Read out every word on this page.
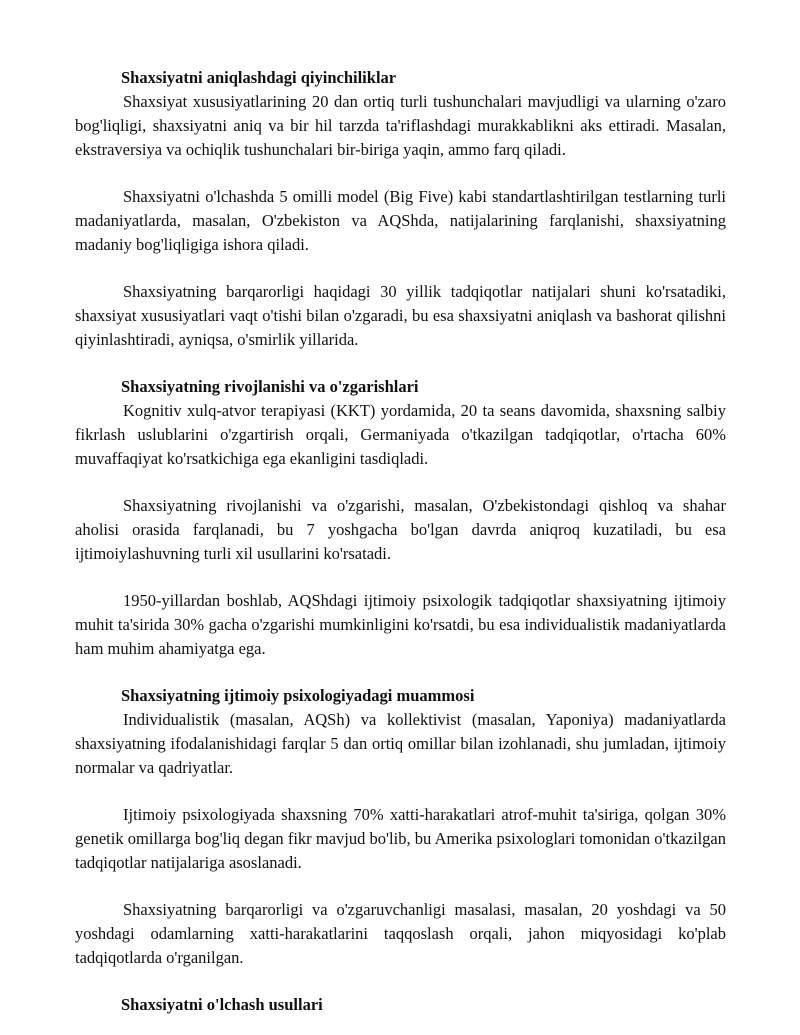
Shaxsiyatni aniqlashdagi qiyinchiliklar

Shaxsiyat xususiyatlarining 20 dan ortiq turli tushunchalari mavjudligi va ularning o'zaro bog'liqligi, shaxsiyatni aniq va bir hil tarzda ta'riflashdagi murakkablikni aks ettiradi. Masalan, ekstraversiya va ochiqlik tushunchalari bir-biriga yaqin, ammo farq qiladi.

Shaxsiyatni o'lchashda 5 omilli model (Big Five) kabi standartlashtirilgan testlarning turli madaniyatlarda, masalan, O'zbekiston va AQShda, natijalarining farqlanishi, shaxsiyatning madaniy bog'liqligiga ishora qiladi.

Shaxsiyatning barqarorligi haqidagi 30 yillik tadqiqotlar natijalari shuni ko'rsatadiki, shaxsiyat xususiyatlari vaqt o'tishi bilan o'zgaradi, bu esa shaxsiyatni aniqlash va bashorat qilishni qiyinlashtiradi, ayniqsa, o'smirlik yillarida.

Shaxsiyatning rivojlanishi va o'zgarishlari

Kognitiv xulq-atvor terapiyasi (KKT) yordamida, 20 ta seans davomida, shaxsning salbiy fikrlash uslublarini o'zgartirish orqali, Germaniyada o'tkazilgan tadqiqotlar, o'rtacha 60% muvaffaqiyat ko'rsatkichiga ega ekanligini tasdiqladi.

Shaxsiyatning rivojlanishi va o'zgarishi, masalan, O'zbekistondagi qishloq va shahar aholisi orasida farqlanadi, bu 7 yoshgacha bo'lgan davrda aniqroq kuzatiladi, bu esa ijtimoiylashuvning turli xil usullarini ko'rsatadi.

1950-yillardan boshlab, AQShdagi ijtimoiy psixologik tadqiqotlar shaxsiyatning ijtimoiy muhit ta'sirida 30% gacha o'zgarishi mumkinligini ko'rsatdi, bu esa individualistik madaniyatlarda ham muhim ahamiyatga ega.

Shaxsiyatning ijtimoiy psixologiyadagi muammosi

Individualistik (masalan, AQSh) va kollektivist (masalan, Yaponiya) madaniyatlarda shaxsiyatning ifodalanishidagi farqlar 5 dan ortiq omillar bilan izohlanadi, shu jumladan, ijtimoiy normalar va qadriyatlar.

Ijtimoiy psixologiyada shaxsning 70% xatti-harakatlari atrof-muhit ta'siriga, qolgan 30% genetik omillarga bog'liq degan fikr mavjud bo'lib, bu Amerika psixologlari tomonidan o'tkazilgan tadqiqotlar natijalariga asoslanadi.

Shaxsiyatning barqarorligi va o'zgaruvchanligi masalasi, masalan, 20 yoshdagi va 50 yoshdagi odamlarning xatti-harakatlarini taqqoslash orqali, jahon miqyosidagi ko'plab tadqiqotlarda o'rganilgan.

Shaxsiyatni o'lchash usullari
